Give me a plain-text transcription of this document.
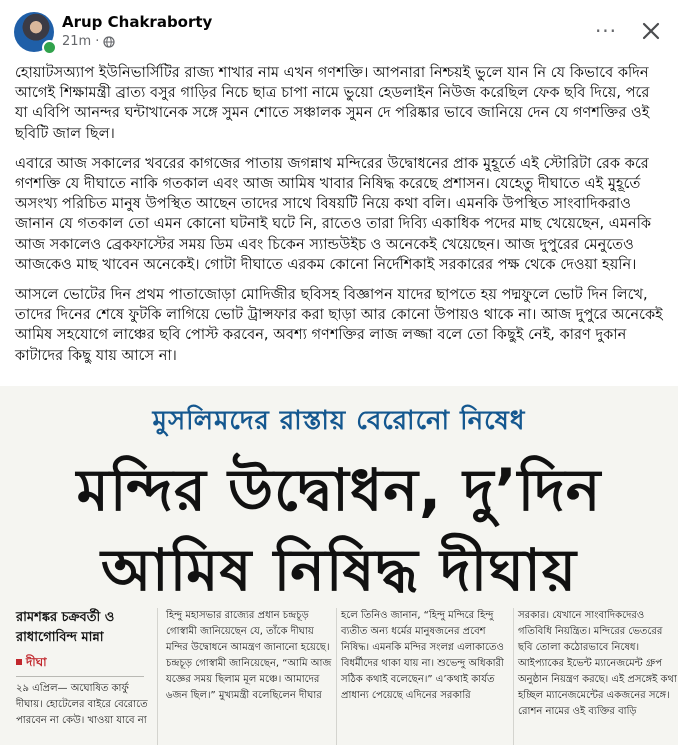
Arup Chakraborty
21m ·	···

হোয়াটসঅ্যাপ ইউনিভার্সিটির রাজ্য শাখার নাম এখন গণশক্তি। আপনারা নিশ্চয়ই ভুলে যান নি যে কিভাবে কদিন আগেই শিক্ষামন্ত্রী ব্রাত্য বসুর গাড়ির নিচে ছাত্র চাপা নামে ভুয়ো হেডলাইন নিউজ করেছিল ফেক ছবি দিয়ে, পরে যা এবিপি আনন্দর ঘন্টাখানেক সঙ্গে সুমন শোতে সঞ্চালক সুমন দে পরিষ্কার ভাবে জানিয়ে দেন যে গণশক্তির ওই ছবিটি জাল ছিল।

এবারে আজ সকালের খবরের কাগজের পাতায় জগন্নাথ মন্দিরের উদ্বোধনের প্রাক মুহূর্তে এই স্টোরিটা রেক করে গণশক্তি যে দীঘাতে নাকি গতকাল এবং আজ আমিষ খাবার নিষিদ্ধ করেছে প্রশাসন। যেহেতু দীঘাতে এই মুহূর্তে অসংখ্য পরিচিত মানুষ উপস্থিত আছেন তাদের সাথে বিষয়টি নিয়ে কথা বলি। এমনকি উপস্থিত সাংবাদিকরাও জানান যে গতকাল তো এমন কোনো ঘটনাই ঘটে নি, রাতেও তারা দিব্যি একাধিক পদের মাছ খেয়েছেন, এমনকি আজ সকালেও ব্রেকফাস্টের সময় ডিম এবং চিকেন স্যান্ডউইচ ও অনেকেই খেয়েছেন। আজ দুপুরের মেনুতেও আজকেও মাছ খাবেন অনেকেই। গোটা দীঘাতে এরকম কোনো নির্দেশিকাই সরকারের পক্ষ থেকে দেওয়া হয়নি।

আসলে ভোটের দিন প্রথম পাতাজোড়া মোদিজীর ছবিসহ বিজ্ঞাপন যাদের ছাপতে হয় পদ্মফুলে ভোট দিন লিখে, তাদের দিনের শেষে ফুটকি লাগিয়ে ভোট ট্রান্সফার করা ছাড়া আর কোনো উপায়ও থাকে না। আজ দুপুরে অনেকেই আমিষ সহযোগে লাঞ্চের ছবি পোস্ট করবেন, অবশ্য গণশক্তির লাজ লজ্জা বলে তো কিছুই নেই, কারণ দুকান কাটাদের কিছু যায় আসে না।

মুসলিমদের রাস্তায় বেরোনো নিষেধ
মন্দির উদ্বোধন, দু’দিন
আমিষ নিষিদ্ধ দীঘায়
রামশঙ্কর চক্রবর্তী ও রাধাগোবিন্দ মান্না
দীঘা
২৯ এপ্রিল— অঘোষিত কার্ফু দীঘায়। হোটেলের বাইরে বেরোতে পারবেন না কেউ। খাওয়া যাবে না
হিন্দু মহাসভার রাজ্যের প্রধান চন্দ্রচূড় গোস্বামী জানিয়েছেন যে, তাঁকে দীঘায় মন্দির উদ্বোধনে আমন্ত্রণ জানানো হয়েছে। চন্দ্রচূড় গোস্বামী জানিয়েছেন, “আমি আজ যজ্ঞের সময় ছিলাম মূল মঞ্চে। আমাদের ৬জন ছিল।” মুখ্যমন্ত্রী বলেছিলেন দীঘার
হলে তিনিও জানান, “হিন্দু মন্দিরে হিন্দু ব্যতীত অন্য ধর্মের মানুষজনের প্রবেশ নিষিদ্ধ। এমনকি মন্দির সংলগ্ন এলাকাতেও বিধর্মীদের থাকা যায় না। শুভেন্দু অধিকারী সঠিক কথাই বলেছেন।” এ’কথাই কার্যত প্রাধান্য পেয়েছে এদিনের সরকারি
সরকার। যেখানে সাংবাদিকদেরও গতিবিধি নিয়ন্ত্রিত। মন্দিরের ভেতরের ছবি তোলা কঠোরভাবে নিষেধ। আইপ্যাকের ইভেন্ট ম্যানেজমেন্ট গ্রুপ অনুষ্ঠান নিয়ন্ত্রণ করছে। এই প্রসঙ্গেই কথা হচ্ছিল ম্যানেজমেন্টের একজনের সঙ্গে। রোশন নামের ওই ব্যক্তির বাড়ি
